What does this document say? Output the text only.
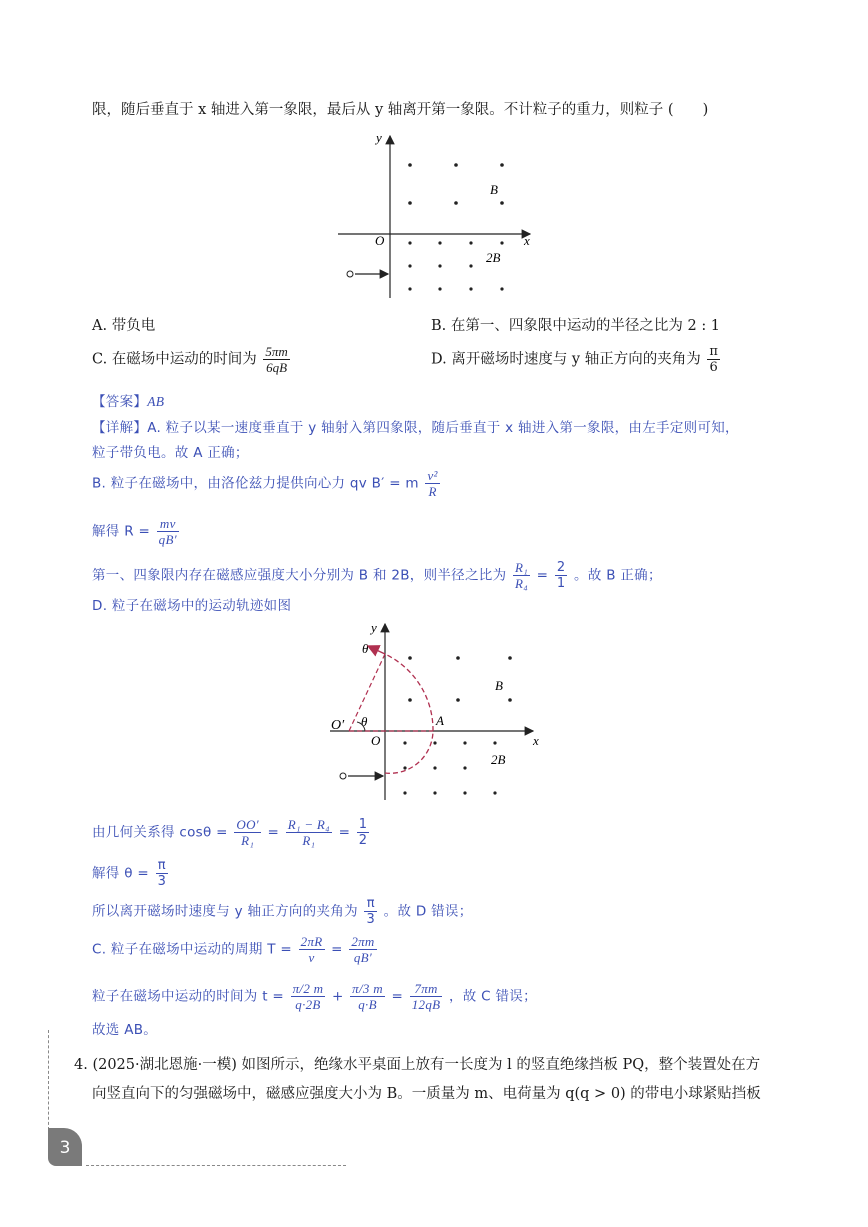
限，随后垂直于 x 轴进入第一象限，最后从 y 轴离开第一象限。不计粒子的重力，则粒子 (　　)
y
x
O
B
2B
A. 带负电	B. 在第一、四象限中运动的半径之比为 2 : 1
C. 在磁场中运动的时间为 $\frac{5\pi m}{6qB}$	D. 离开磁场时速度与 y 轴正方向的夹角为 $\frac{\pi}{6}$
【答案】AB
【详解】A. 粒子以某一速度垂直于 y 轴射入第四象限，随后垂直于 x 轴进入第一象限，由左手定则可知，
粒子带负电。故 A 正确；
B. 粒子在磁场中，由洛伦兹力提供向心力 qv B′ = m $\frac{\text{v²}}{R}$
解得 $R = \frac{mv}{qB'}$
第一、四象限内存在磁感应强度大小分别为 B 和 2B，则半径之比为 $\frac{\text{R₁}}{\text{R₄}} = \frac{2}{1}$ 。故 B 正确；
D. 粒子在磁场中的运动轨迹如图
y
x
O
O′ θ
θ
A
B
2B
由几何关系得 $\cos\theta = \frac{OO'}{\text{R₁}} = \frac{\text{R₁ − R₄}}{\text{R₁}} = \frac{1}{2}$
解得 $\theta = \frac{\pi}{3}$
所以离开磁场时速度与 y 轴正方向的夹角为 $\frac{\pi}{3}$ 。故 D 错误；
C. 粒子在磁场中运动的周期 $T = \frac{2\pi R}{v} = \frac{2\pi m}{qB'}$
粒子在磁场中运动的时间为 $t = \frac{\pi/2 m}{q\cdot 2B} + \frac{\pi/3 m}{q\cdot B} = \frac{7\pi m}{12qB}$ ，故 C 错误；
故选 AB。
4. (2025·湖北恩施·一模) 如图所示，绝缘水平桌面上放有一长度为 l 的竖直绝缘挡板 PQ，整个装置处在方
向竖直向下的匀强磁场中，磁感应强度大小为 B。一质量为 m、电荷量为 q(q > 0) 的带电小球紧贴挡板
3
